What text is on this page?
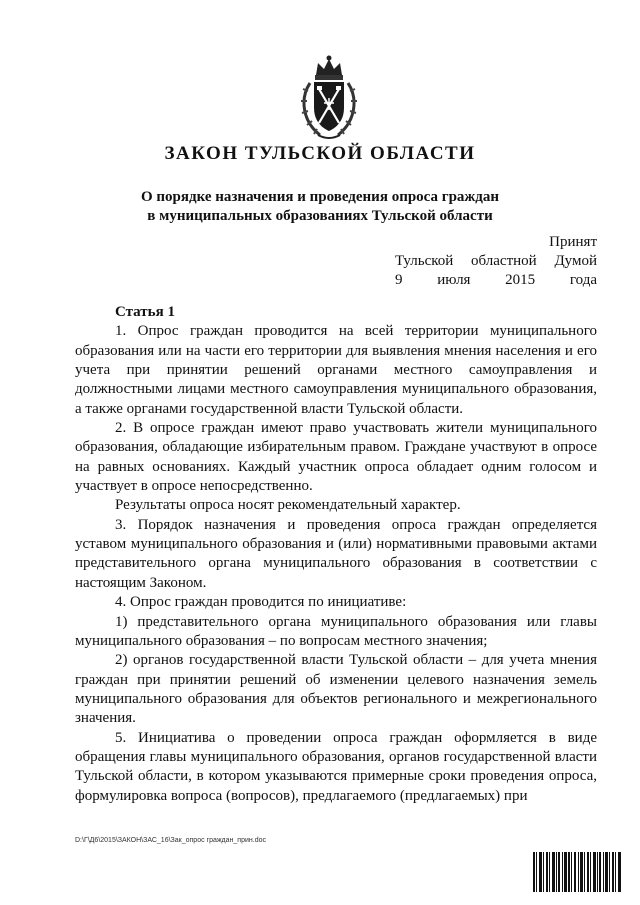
ЗАКОН ТУЛЬСКОЙ ОБЛАСТИ
О порядке назначения и проведения опроса граждан
в муниципальных образованиях Тульской области
Принят
Тульской областной Думой
9 июля 2015 года
Статья 1

1. Опрос граждан проводится на всей территории муниципального образования или на части его территории для выявления мнения населения и его учета при принятии решений органами местного самоуправления и должностными лицами местного самоуправления муниципального образования, а также органами государственной власти Тульской области.

2. В опросе граждан имеют право участвовать жители муниципального образования, обладающие избирательным правом. Граждане участвуют в опросе на равных основаниях. Каждый участник опроса обладает одним голосом и участвует в опросе непосредственно.

Результаты опроса носят рекомендательный характер.

3. Порядок назначения и проведения опроса граждан определяется уставом муниципального образования и (или) нормативными правовыми актами представительного органа муниципального образования в соответствии с настоящим Законом.

4. Опрос граждан проводится по инициативе:

1) представительного органа муниципального образования или главы муниципального образования – по вопросам местного значения;

2) органов государственной власти Тульской области – для учета мнения граждан при принятии решений об изменении целевого назначения земель муниципального образования для объектов регионального и межрегионального значения.

5. Инициатива о проведении опроса граждан оформляется в виде обращения главы муниципального образования, органов государственной власти Тульской области, в котором указываются примерные сроки проведения опроса, формулировка вопроса (вопросов), предлагаемого (предлагаемых) при

D:\Г\Д6\2015\ЗАКОН\ЗАС_16\Зак_опрос граждан_прин.doc
